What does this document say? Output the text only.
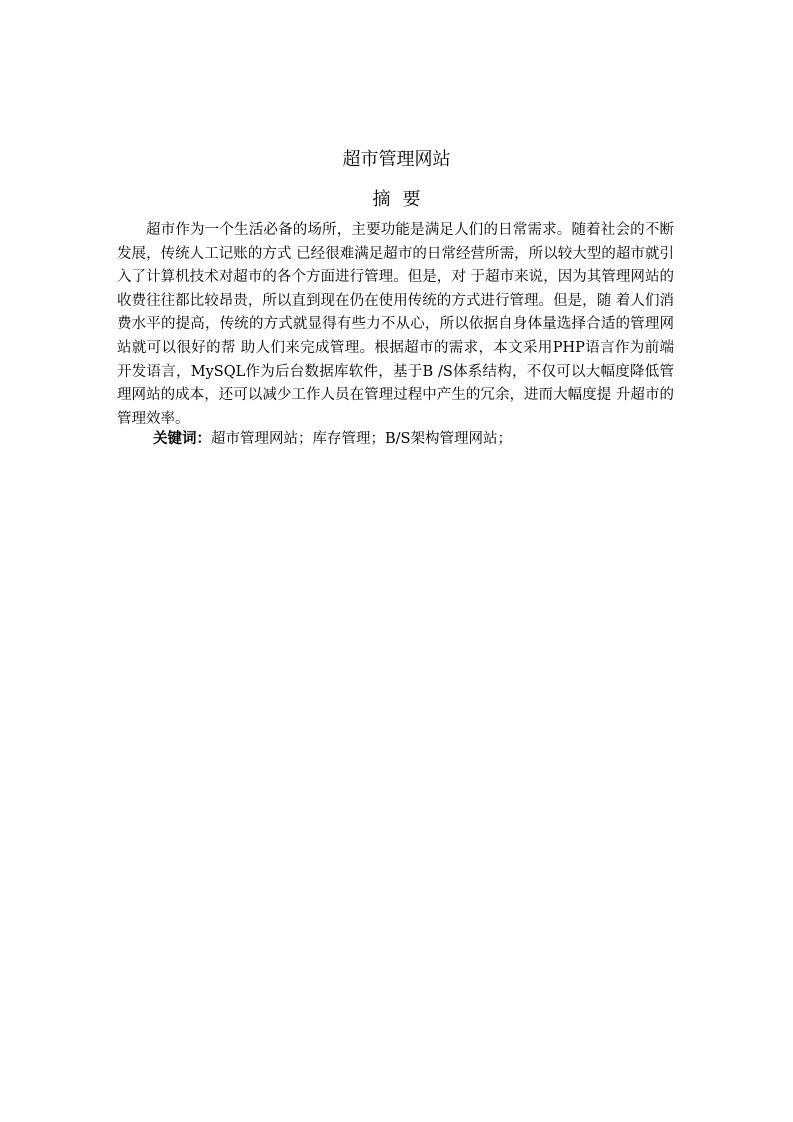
超市管理网站
摘要

超市作为一个生活必备的场所，主要功能是满足人们的日常需求。随着社会的不断发展，传统人工记账的方式 已经很难满足超市的日常经营所需，所以较大型的超市就引入了计算机技术对超市的各个方面进行管理。但是，对 于超市来说，因为其管理网站的收费往往都比较昂贵，所以直到现在仍在使用传统的方式进行管理。但是，随 着人们消费水平的提高，传统的方式就显得有些力不从心，所以依据自身体量选择合适的管理网站就可以很好的帮 助人们来完成管理。根据超市的需求，本文采用PHP语言作为前端开发语言，MySQL作为后台数据库软件，基于B /S体系结构，不仅可以大幅度降低管理网站的成本，还可以减少工作人员在管理过程中产生的冗余，进而大幅度提 升超市的管理效率。

关键词：超市管理网站；库存管理；B/S架构管理网站；
